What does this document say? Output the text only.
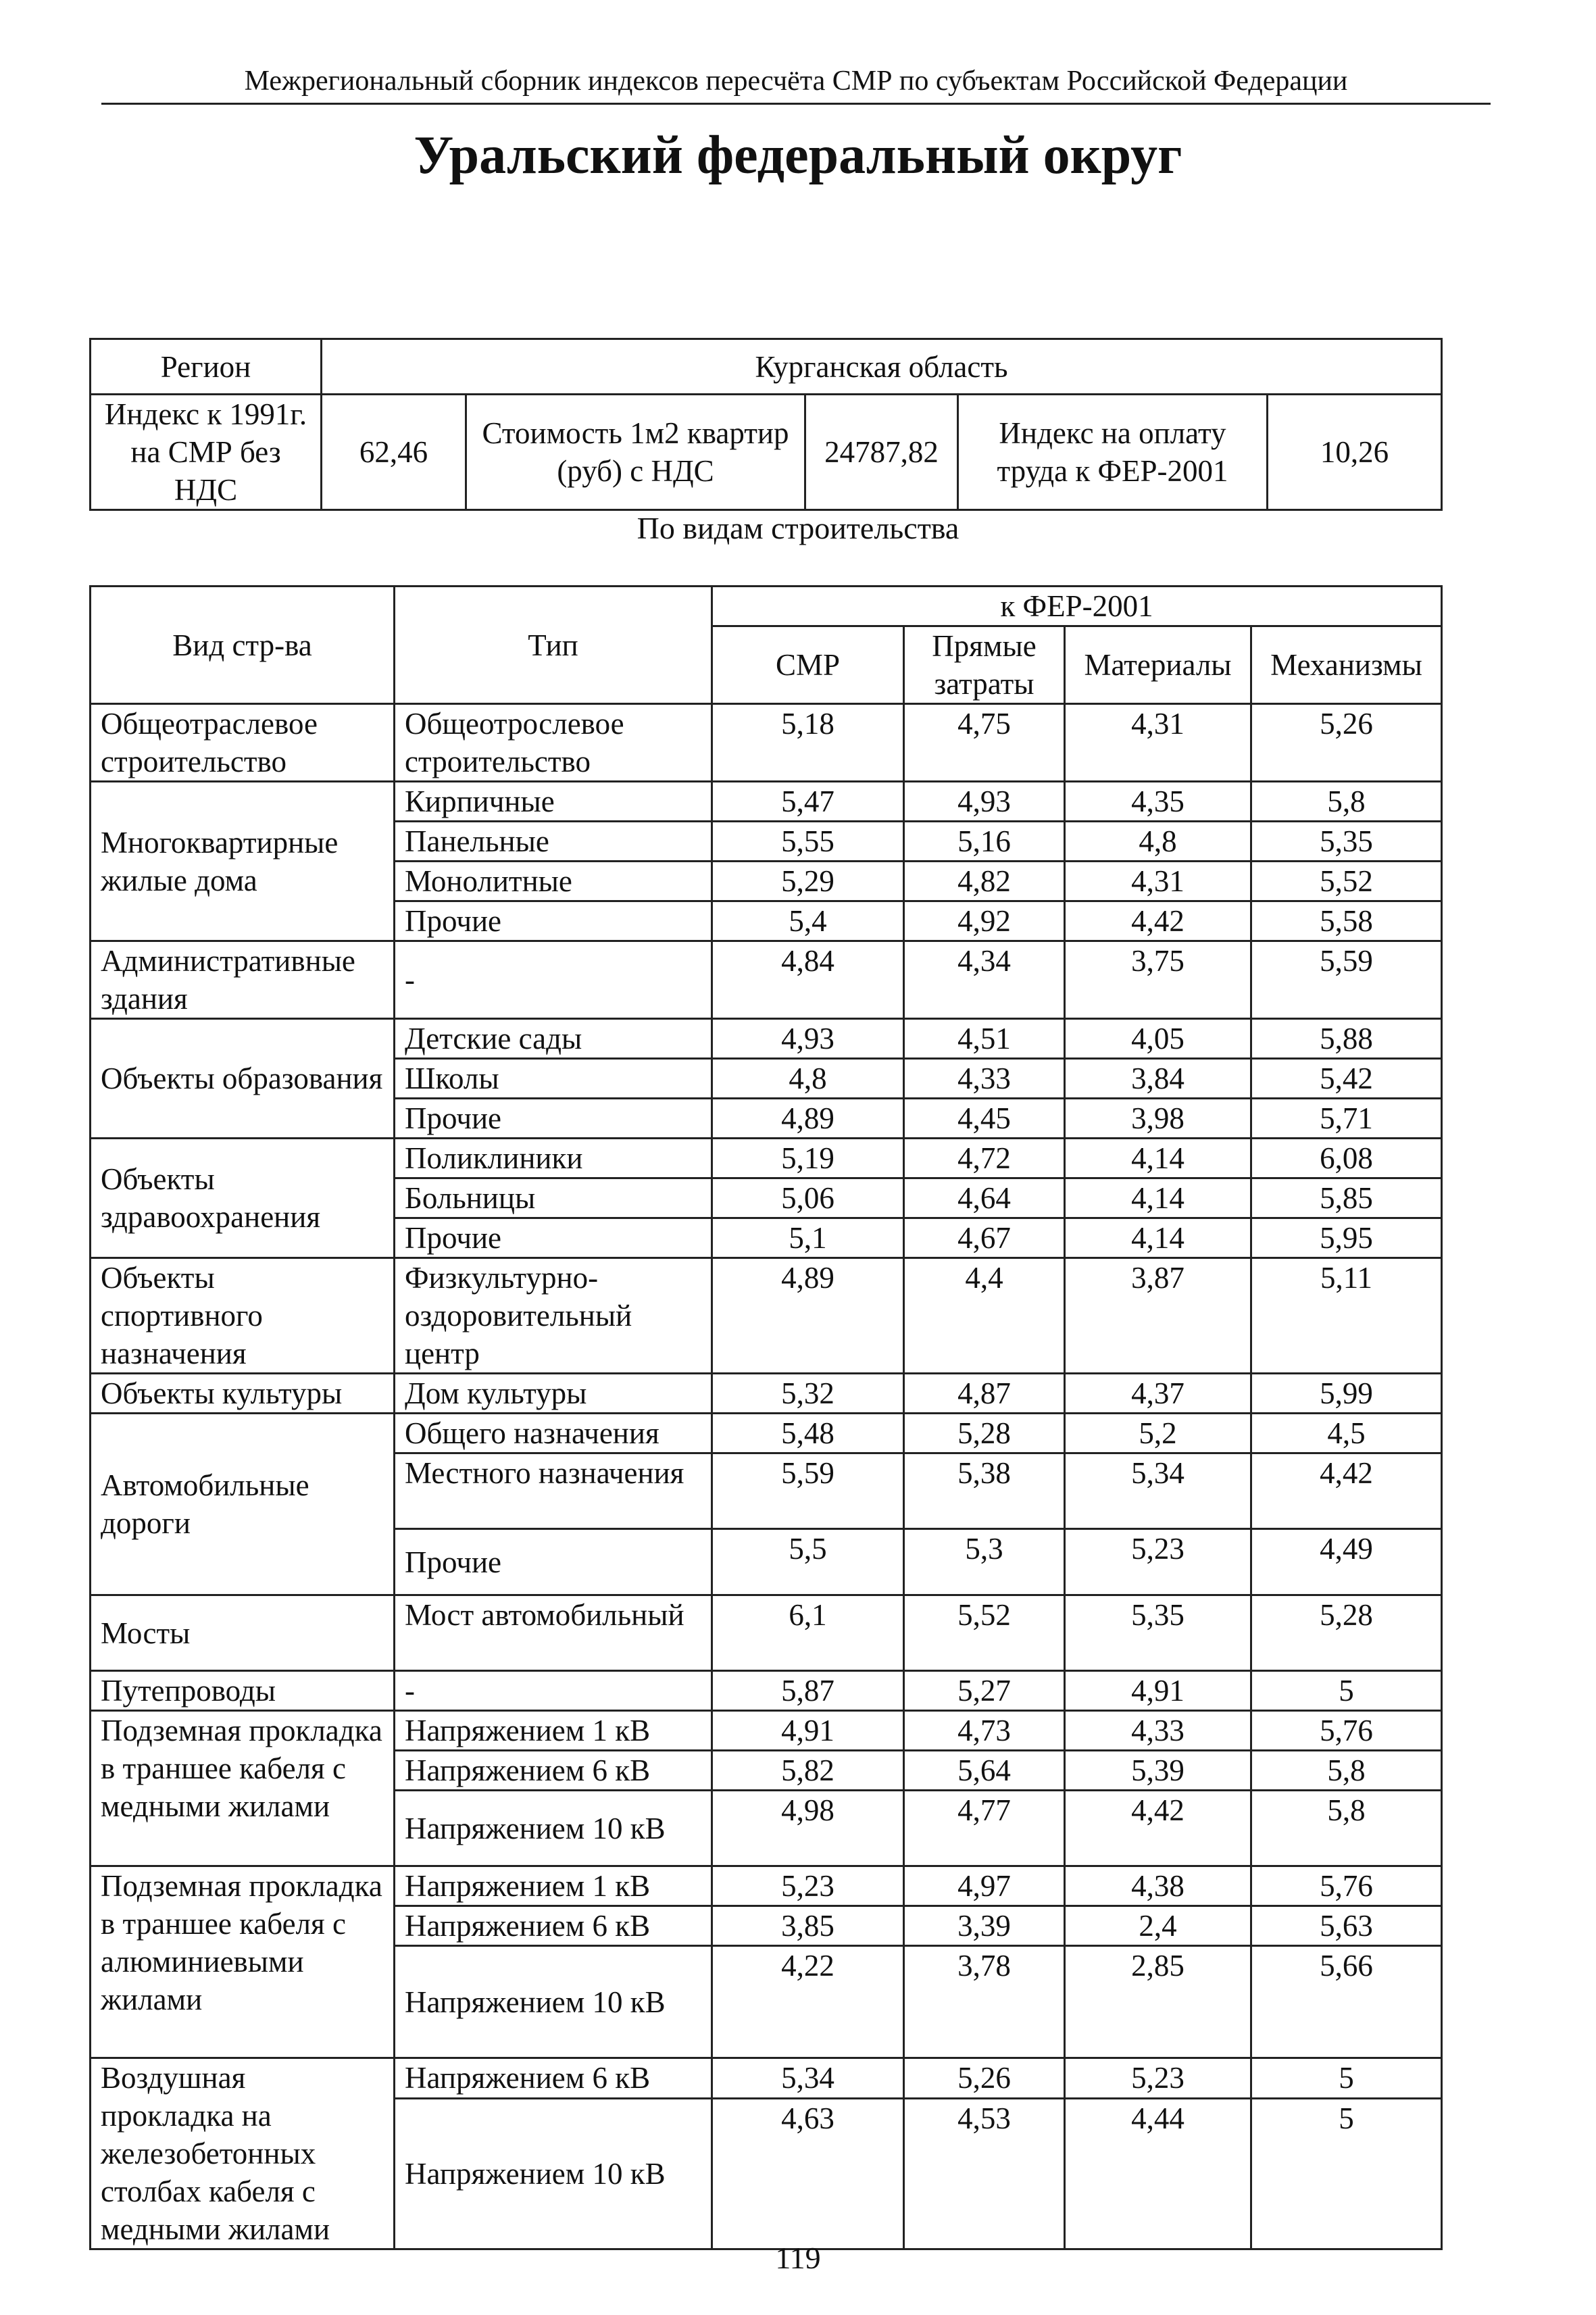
Межрегиональный сборник индексов пересчёта СМР по субъектам Российской Федерации
Уральский федеральный округ
Регион	Курганская область				
Индекс к 1991г. на СМР без НДС	62,46	Стоимость 1м2 квартир (руб) с НДС	24787,82	Индекс на оплату труда к ФЕР-2001	10,26
По видам строительства
Вид стр-ва	Тип	к ФЕР-2001			
		СМР	Прямые затраты	Материалы	Механизмы
Общеотраслевое строительство	Общеотрослевое строительство	5,18	4,75	4,31	5,26
Многоквартирные жилые дома	Кирпичные	5,47	4,93	4,35	5,8
	Панельные	5,55	5,16	4,8	5,35
	Монолитные	5,29	4,82	4,31	5,52
	Прочие	5,4	4,92	4,42	5,58
Административные здания	-	4,84	4,34	3,75	5,59
Объекты образования	Детские сады	4,93	4,51	4,05	5,88
	Школы	4,8	4,33	3,84	5,42
	Прочие	4,89	4,45	3,98	5,71
Объекты здравоохранения	Поликлиники	5,19	4,72	4,14	6,08
	Больницы	5,06	4,64	4,14	5,85
	Прочие	5,1	4,67	4,14	5,95
Объекты спортивного назначения	Физкультурно-оздоровительный центр	4,89	4,4	3,87	5,11
Объекты культуры	Дом культуры	5,32	4,87	4,37	5,99
Автомобильные дороги	Общего назначения	5,48	5,28	5,2	4,5
	Местного назначения	5,59	5,38	5,34	4,42
	Прочие	5,5	5,3	5,23	4,49
Мосты	Мост автомобильный	6,1	5,52	5,35	5,28
Путепроводы	-	5,87	5,27	4,91	5
Подземная прокладка в траншее кабеля с медными жилами	Напряжением 1 кВ	4,91	4,73	4,33	5,76
	Напряжением 6 кВ	5,82	5,64	5,39	5,8
	Напряжением 10 кВ	4,98	4,77	4,42	5,8
Подземная прокладка в траншее кабеля с алюминиевыми жилами	Напряжением 1 кВ	5,23	4,97	4,38	5,76
	Напряжением 6 кВ	3,85	3,39	2,4	5,63
	Напряжением 10 кВ	4,22	3,78	2,85	5,66
Воздушная прокладка на железобетонных столбах кабеля с медными жилами	Напряжением 6 кВ	5,34	5,26	5,23	5
	Напряжением 10 кВ	4,63	4,53	4,44	5
119
